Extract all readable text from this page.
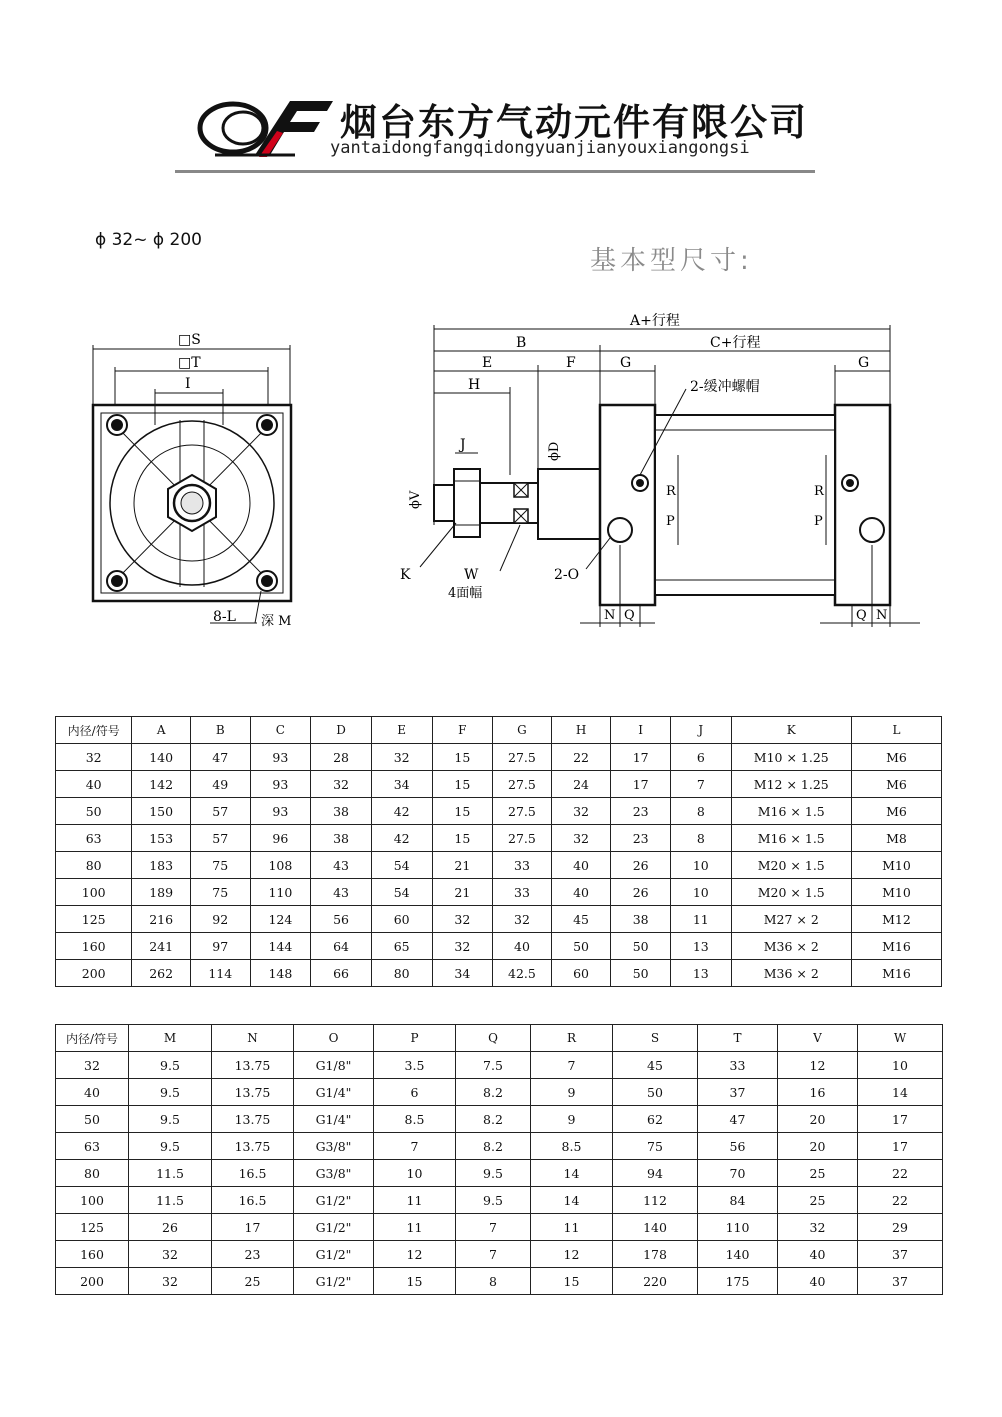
烟台东方气动元件有限公司
yantaidongfangqidongyuanjianyouxiangongsi
ϕ 32~ ϕ 200
基本型尺寸:
□S
□T
I
8-L 深 M
A+行程
B	C+行程
E	F	G	G
H
J	ϕD
ϕV
2-缓冲螺帽
P
R
P
R
K	W
4面幅
2-O
N Q	Q N
内径/符号	A	B	C	D	E	F	G	H	I	J	K	L
32	140	47	93	28	32	15	27.5	22	17	6	M10 × 1.25	M6
40	142	49	93	32	34	15	27.5	24	17	7	M12 × 1.25	M6
50	150	57	93	38	42	15	27.5	32	23	8	M16 × 1.5	M6
63	153	57	96	38	42	15	27.5	32	23	8	M16 × 1.5	M8
80	183	75	108	43	54	21	33	40	26	10	M20 × 1.5	M10
100	189	75	110	43	54	21	33	40	26	10	M20 × 1.5	M10
125	216	92	124	56	60	32	32	45	38	11	M27 × 2	M12
160	241	97	144	64	65	32	40	50	50	13	M36 × 2	M16
200	262	114	148	66	80	34	42.5	60	50	13	M36 × 2	M16
内径/符号	M	N	O	P	Q	R	S	T	V	W
32	9.5	13.75	G1/8"	3.5	7.5	7	45	33	12	10
40	9.5	13.75	G1/4"	6	8.2	9	50	37	16	14
50	9.5	13.75	G1/4"	8.5	8.2	9	62	47	20	17
63	9.5	13.75	G3/8"	7	8.2	8.5	75	56	20	17
80	11.5	16.5	G3/8"	10	9.5	14	94	70	25	22
100	11.5	16.5	G1/2"	11	9.5	14	112	84	25	22
125	26	17	G1/2"	11	7	11	140	110	32	29
160	32	23	G1/2"	12	7	12	178	140	40	37
200	32	25	G1/2"	15	8	15	220	175	40	37
